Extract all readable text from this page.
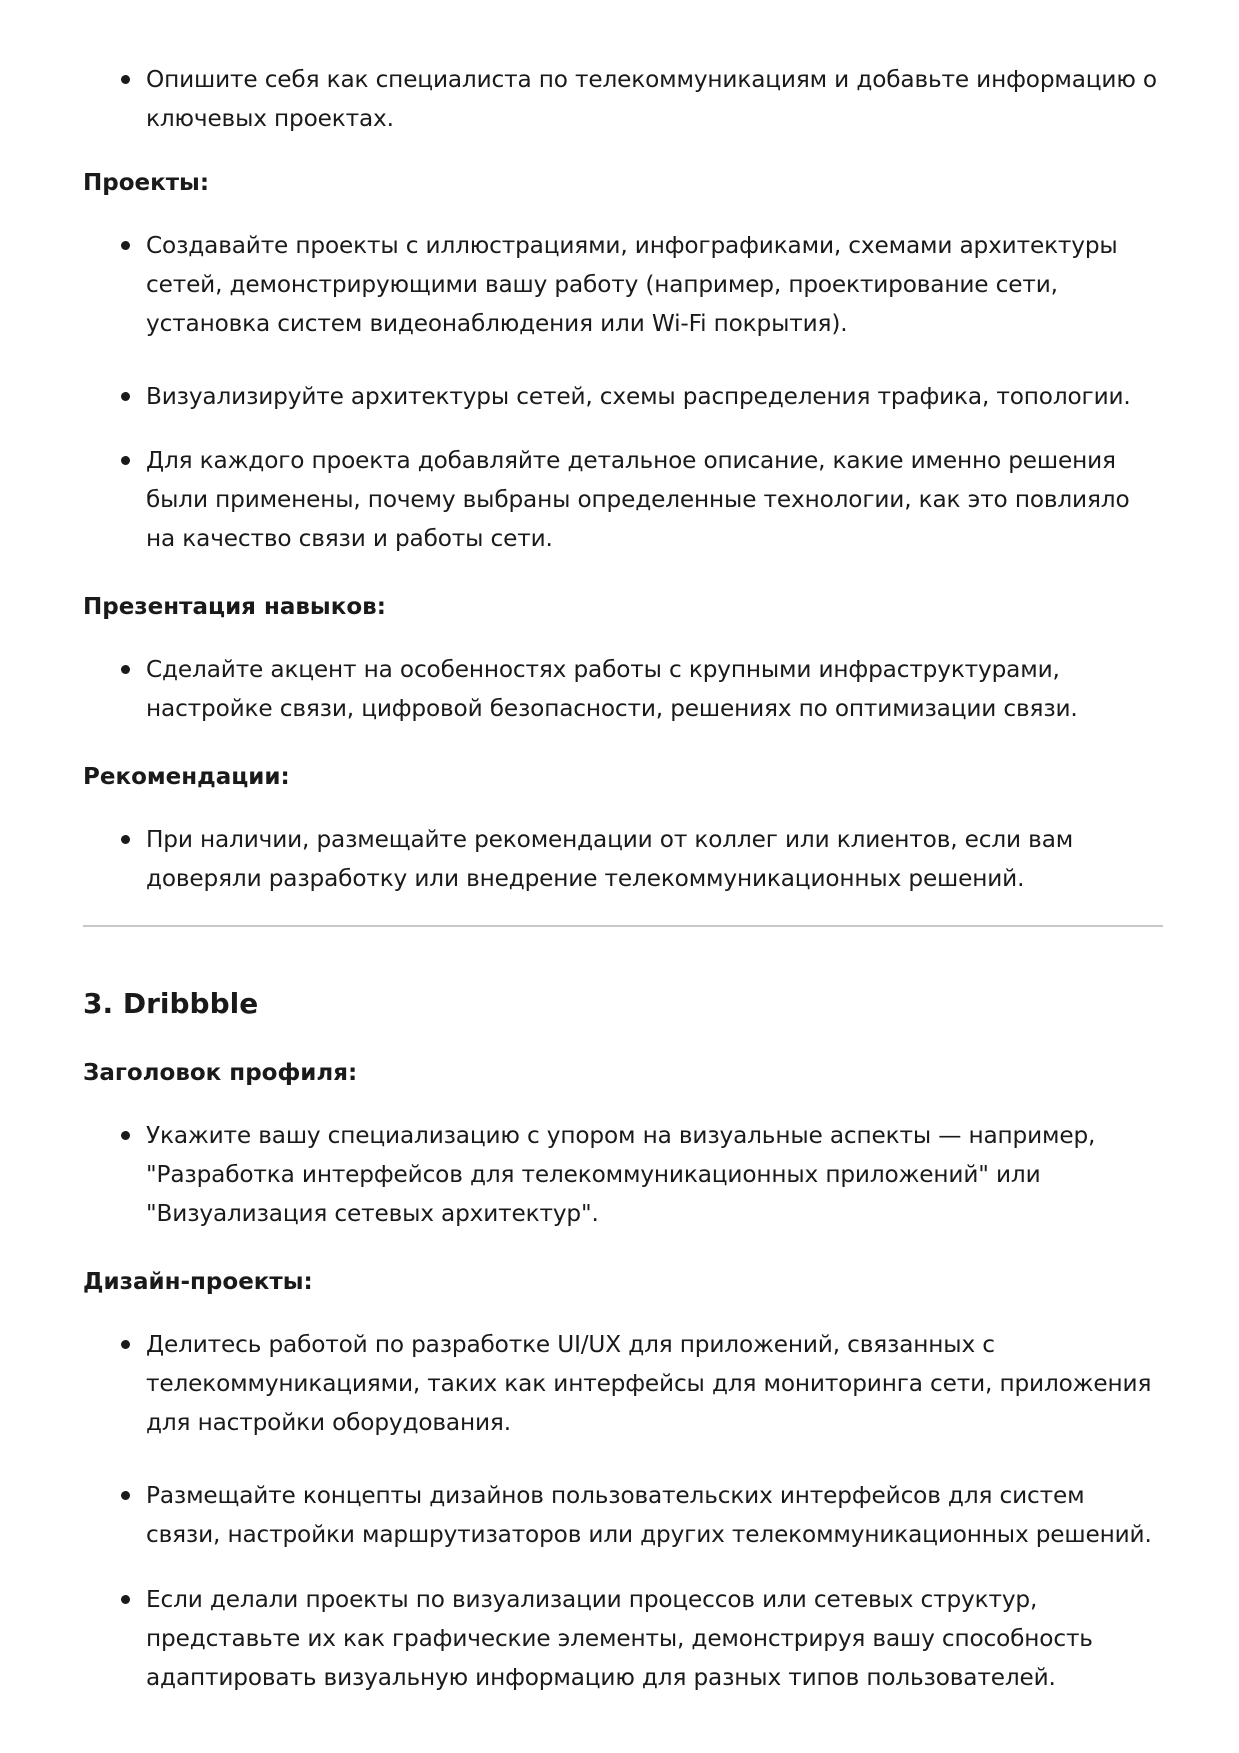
Опишите себя как специалиста по телекоммуникациям и добавьте информацию о ключевых проектах.
Проекты:
Создавайте проекты с иллюстрациями, инфографиками, схемами архитектуры сетей, демонстрирующими вашу работу (например, проектирование сети, установка систем видеонаблюдения или Wi-Fi покрытия).
Визуализируйте архитектуры сетей, схемы распределения трафика, топологии.
Для каждого проекта добавляйте детальное описание, какие именно решения были применены, почему выбраны определенные технологии, как это повлияло на качество связи и работы сети.
Презентация навыков:
Сделайте акцент на особенностях работы с крупными инфраструктурами, настройке связи, цифровой безопасности, решениях по оптимизации связи.
Рекомендации:
При наличии, размещайте рекомендации от коллег или клиентов, если вам доверяли разработку или внедрение телекоммуникационных решений.
3. Dribbble
Заголовок профиля:
Укажите вашу специализацию с упором на визуальные аспекты — например, "Разработка интерфейсов для телекоммуникационных приложений" или "Визуализация сетевых архитектур".
Дизайн-проекты:
Делитесь работой по разработке UI/UX для приложений, связанных с телекоммуникациями, таких как интерфейсы для мониторинга сети, приложения для настройки оборудования.
Размещайте концепты дизайнов пользовательских интерфейсов для систем связи, настройки маршрутизаторов или других телекоммуникационных решений.
Если делали проекты по визуализации процессов или сетевых структур, представьте их как графические элементы, демонстрируя вашу способность адаптировать визуальную информацию для разных типов пользователей.
